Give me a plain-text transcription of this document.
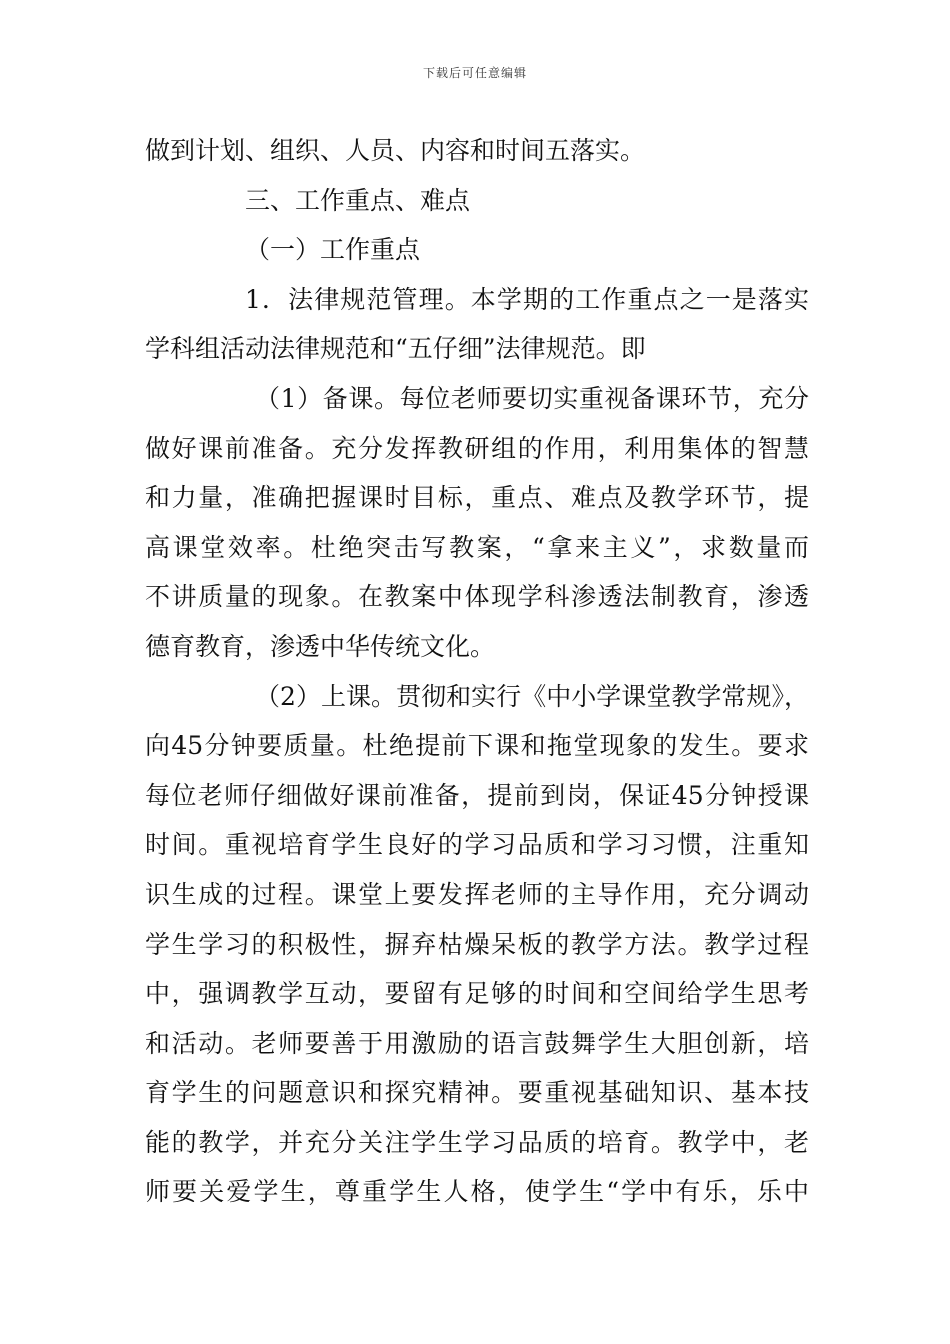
下载后可任意编辑
做到计划、组织、人员、内容和时间五落实。
三、工作重点、难点
（一）工作重点
1．法律规范管理。本学期的工作重点之一是落实
学科组活动法律规范和“五仔细”法律规范。即
（1）备课。每位老师要切实重视备课环节，充分
做好课前准备。充分发挥教研组的作用，利用集体的智慧
和力量，准确把握课时目标，重点、难点及教学环节，提
高课堂效率。杜绝突击写教案，“拿来主义”，求数量而
不讲质量的现象。在教案中体现学科渗透法制教育，渗透
德育教育，渗透中华传统文化。
（2）上课。贯彻和实行《中小学课堂教学常规》，
向45分钟要质量。杜绝提前下课和拖堂现象的发生。要求
每位老师仔细做好课前准备，提前到岗，保证45分钟授课
时间。重视培育学生良好的学习品质和学习习惯，注重知
识生成的过程。课堂上要发挥老师的主导作用，充分调动
学生学习的积极性，摒弃枯燥呆板的教学方法。教学过程
中，强调教学互动，要留有足够的时间和空间给学生思考
和活动。老师要善于用激励的语言鼓舞学生大胆创新，培
育学生的问题意识和探究精神。要重视基础知识、基本技
能的教学，并充分关注学生学习品质的培育。教学中，老
师要关爱学生，尊重学生人格，使学生“学中有乐，乐中
